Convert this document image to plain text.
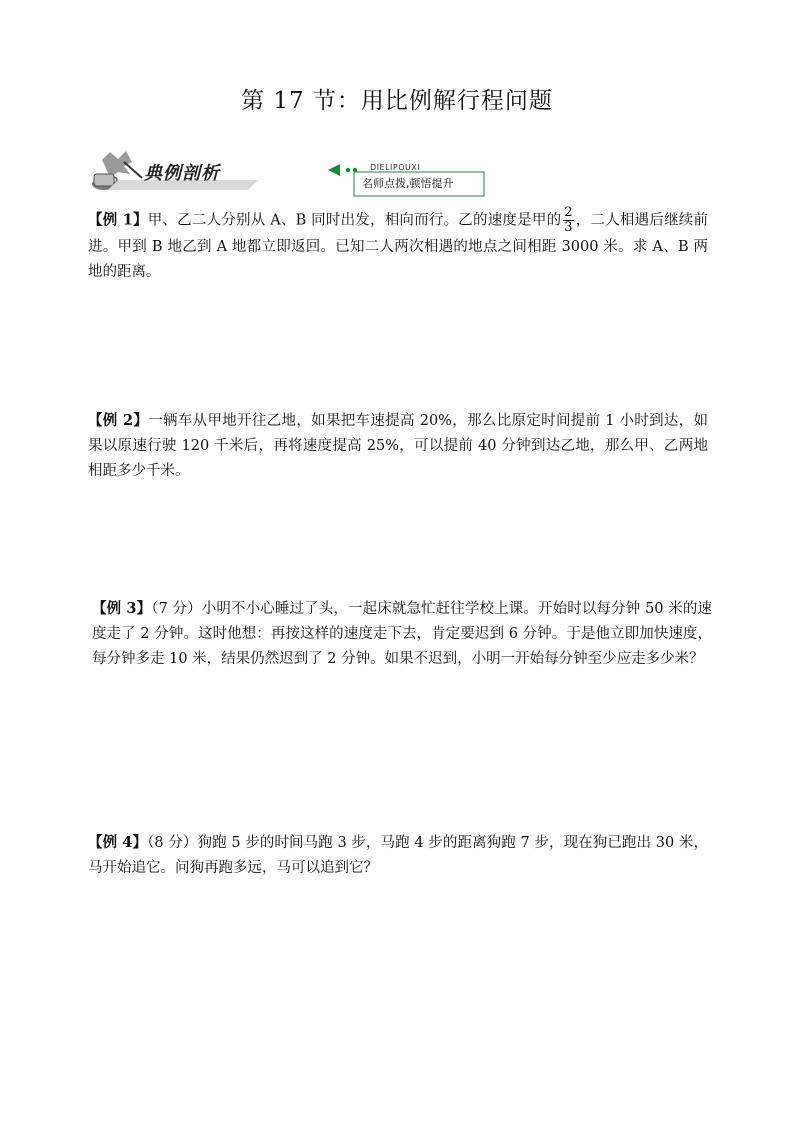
第 17 节：用比例解行程问题
典例剖析	DIELIPOUXI
名师点拨,顿悟提升
【例 1】甲、乙二人分别从 A、B 同时出发，相向而行。乙的速度是甲的 $\frac{2}{3}$ ，二人相遇后继续前进。甲到 B 地乙到 A 地都立即返回。已知二人两次相遇的地点之间相距 3000 米。求 A、B 两地的距离。
【例 2】一辆车从甲地开往乙地，如果把车速提高 20%，那么比原定时间提前 1 小时到达，如果以原速行驶 120 千米后，再将速度提高 25%，可以提前 40 分钟到达乙地，那么甲、乙两地相距多少千米。
【例 3】（7 分）小明不小心睡过了头，一起床就急忙赶往学校上课。开始时以每分钟 50 米的速度走了 2 分钟。这时他想：再按这样的速度走下去，肯定要迟到 6 分钟。于是他立即加快速度，每分钟多走 10 米，结果仍然迟到了 2 分钟。如果不迟到，小明一开始每分钟至少应走多少米？
【例 4】（8 分）狗跑 5 步的时间马跑 3 步，马跑 4 步的距离狗跑 7 步，现在狗已跑出 30 米，马开始追它。问狗再跑多远，马可以追到它？
